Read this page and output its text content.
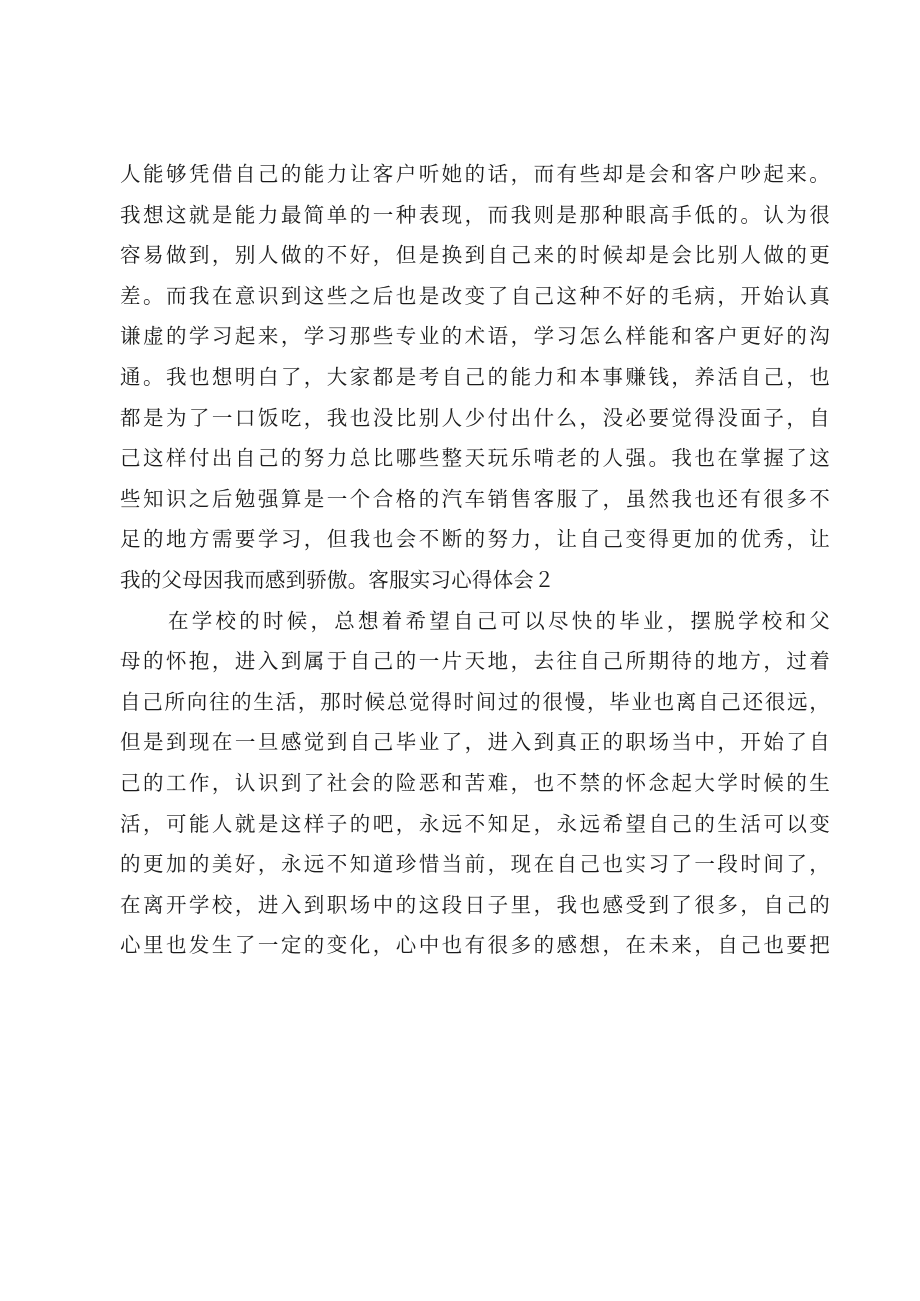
人能够凭借自己的能力让客户听她的话，而有些却是会和客户吵起来。
我想这就是能力最简单的一种表现，而我则是那种眼高手低的。认为很
容易做到，别人做的不好，但是换到自己来的时候却是会比别人做的更
差。而我在意识到这些之后也是改变了自己这种不好的毛病，开始认真
谦虚的学习起来，学习那些专业的术语，学习怎么样能和客户更好的沟
通。我也想明白了，大家都是考自己的能力和本事赚钱，养活自己，也
都是为了一口饭吃，我也没比别人少付出什么，没必要觉得没面子，自
己这样付出自己的努力总比哪些整天玩乐啃老的人强。我也在掌握了这
些知识之后勉强算是一个合格的汽车销售客服了，虽然我也还有很多不
足的地方需要学习，但我也会不断的努力，让自己变得更加的优秀，让
我的父母因我而感到骄傲。客服实习心得体会２
在学校的时候，总想着希望自己可以尽快的毕业，摆脱学校和父
母的怀抱，进入到属于自己的一片天地，去往自己所期待的地方，过着
自己所向往的生活，那时候总觉得时间过的很慢，毕业也离自己还很远，
但是到现在一旦感觉到自己毕业了，进入到真正的职场当中，开始了自
己的工作，认识到了社会的险恶和苦难，也不禁的怀念起大学时候的生
活，可能人就是这样子的吧，永远不知足，永远希望自己的生活可以变
的更加的美好，永远不知道珍惜当前，现在自己也实习了一段时间了，
在离开学校，进入到职场中的这段日子里，我也感受到了很多，自己的
心里也发生了一定的变化，心中也有很多的感想，在未来，自己也要把
